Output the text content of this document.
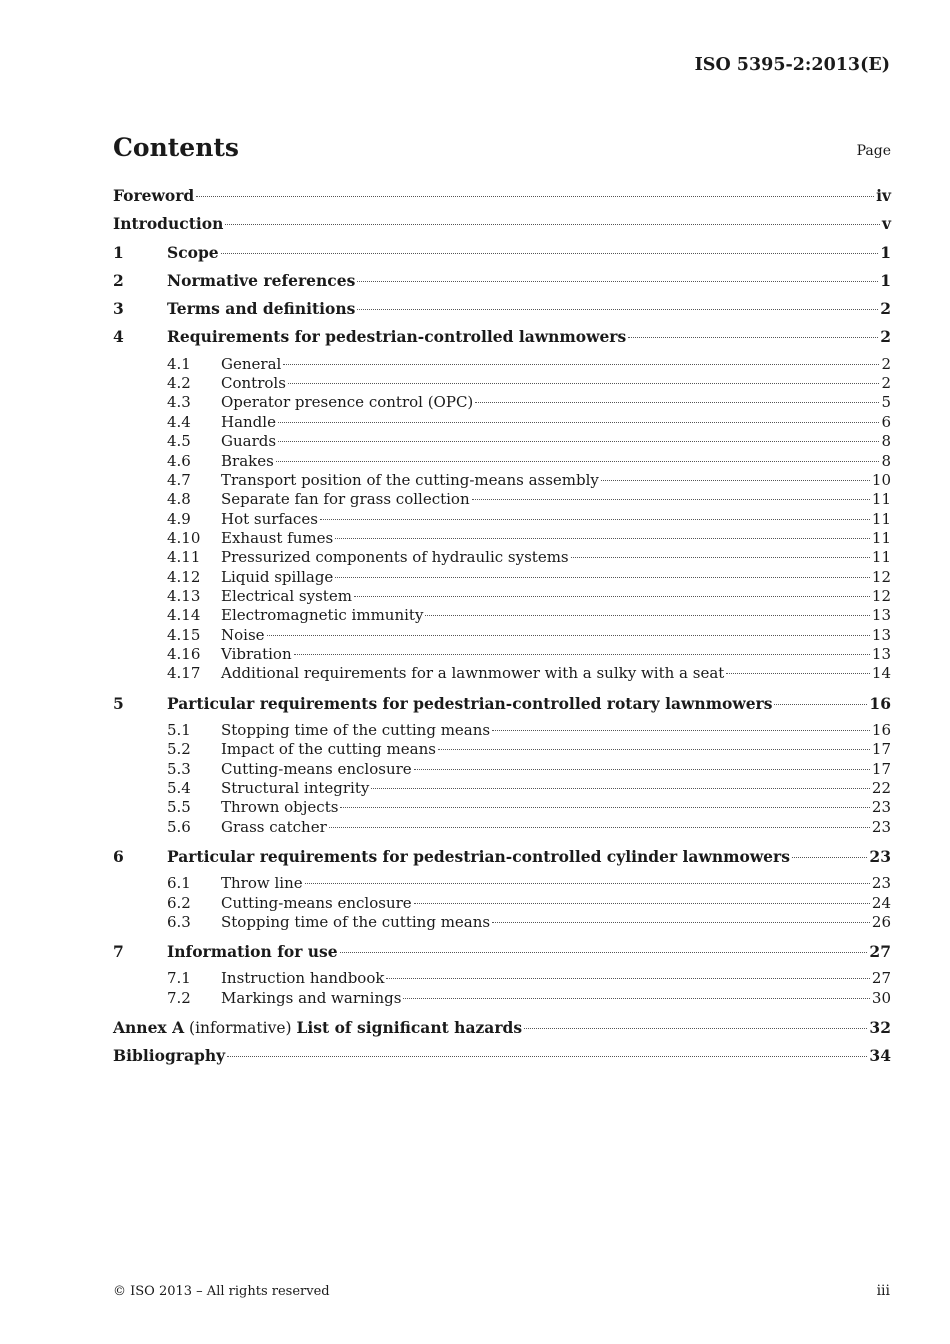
ISO 5395-2:2013(E)
Contents	Page
Foreword	iv
Introduction	v
1	Scope	1
2	Normative references	1
3	Terms and definitions	2
4	Requirements for pedestrian-controlled lawnmowers	2
4.1	General	2
4.2	Controls	2
4.3	Operator presence control (OPC)	5
4.4	Handle	6
4.5	Guards	8
4.6	Brakes	8
4.7	Transport position of the cutting-means assembly	10
4.8	Separate fan for grass collection	11
4.9	Hot surfaces	11
4.10	Exhaust fumes	11
4.11	Pressurized components of hydraulic systems	11
4.12	Liquid spillage	12
4.13	Electrical system	12
4.14	Electromagnetic immunity	13
4.15	Noise	13
4.16	Vibration	13
4.17	Additional requirements for a lawnmower with a sulky with a seat	14
5	Particular requirements for pedestrian-controlled rotary lawnmowers	16
5.1	Stopping time of the cutting means	16
5.2	Impact of the cutting means	17
5.3	Cutting-means enclosure	17
5.4	Structural integrity	22
5.5	Thrown objects	23
5.6	Grass catcher	23
6	Particular requirements for pedestrian-controlled cylinder lawnmowers	23
6.1	Throw line	23
6.2	Cutting-means enclosure	24
6.3	Stopping time of the cutting means	26
7	Information for use	27
7.1	Instruction handbook	27
7.2	Markings and warnings	30
Annex A (informative) List of significant hazards	32
Bibliography	34
© ISO 2013 – All rights reserved	iii
